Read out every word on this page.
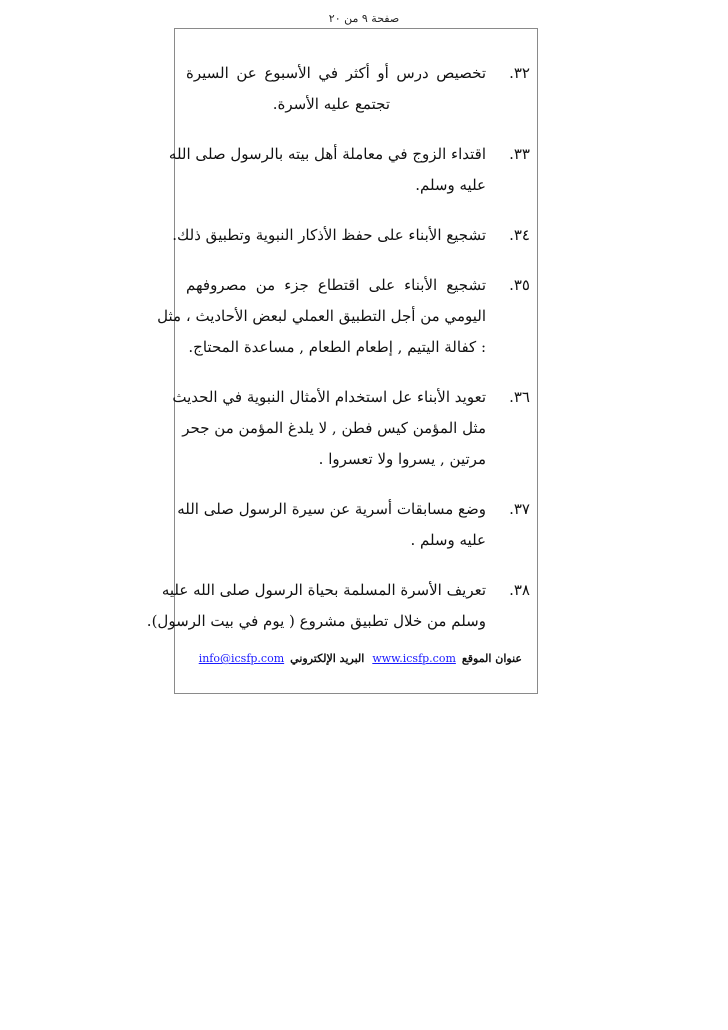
صفحة ٩ من ٢٠
٣٢.
تخصيص درس أو أكثر في الأسبوع عن السيرة
تجتمع عليه الأسرة.
٣٣.
اقتداء الزوج في معاملة أهل بيته بالرسول صلى الله
عليه وسلم.
٣٤.
تشجيع الأبناء على حفظ الأذكار النبوية وتطبيق ذلك.
٣٥.
تشجيع الأبناء على اقتطاع جزء من مصروفهم
اليومي من أجل التطبيق العملي لبعض الأحاديث ، مثل
: كفالة اليتيم , إطعام الطعام , مساعدة المحتاج.
٣٦.
تعويد الأبناء عل استخدام الأمثال النبوية في الحديث
مثل المؤمن كيس فطن , لا يلدغ المؤمن من جحر
مرتين , يسروا ولا تعسروا .
٣٧.
وضع مسابقات أسرية عن سيرة الرسول صلى الله
عليه وسلم .
٣٨.
تعريف الأسرة المسلمة بحياة الرسول صلى الله عليه
وسلم من خلال تطبيق مشروع ( يوم في بيت الرسول).
عنوان الموقعwww.icsfp.comالبريد الإلكترونيinfo@icsfp.com
